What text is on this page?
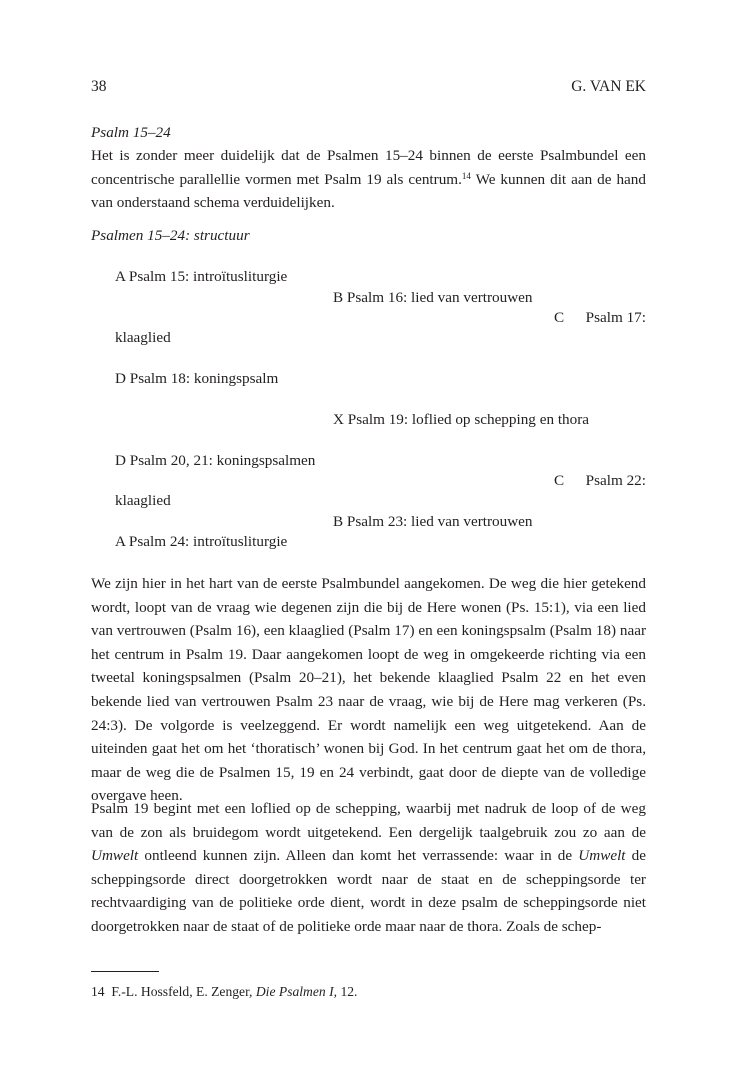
38	G. VAN EK
Psalm 15–24

Het is zonder meer duidelijk dat de Psalmen 15–24 binnen de eerste Psalmbundel een concentrische parallellie vormen met Psalm 19 als centrum.$^{14}$ We kunnen dit aan de hand van onderstaand schema verduidelijken.

Psalmen 15–24: structuur
A Psalm 15: introïtusliturgie
B Psalm 16: lied van vertrouwen
C Psalm 17:
klaaglied
D Psalm 18: koningspsalm
X Psalm 19: loflied op schepping en thora
D Psalm 20, 21: koningspsalmen
C Psalm 22:
klaaglied
B Psalm 23: lied van vertrouwen
A Psalm 24: introïtusliturgie

We zijn hier in het hart van de eerste Psalmbundel aangekomen. De weg die hier getekend wordt, loopt van de vraag wie degenen zijn die bij de Here wonen (Ps. 15:1), via een lied van vertrouwen (Psalm 16), een klaaglied (Psalm 17) en een koningspsalm (Psalm 18) naar het centrum in Psalm 19. Daar aangekomen loopt de weg in omgekeerde richting via een tweetal koningspsalmen (Psalm 20–21), het bekende klaaglied Psalm 22 en het even bekende lied van vertrouwen Psalm 23 naar de vraag, wie bij de Here mag verkeren (Ps. 24:3). De volgorde is veelzeggend. Er wordt namelijk een weg uitgetekend. Aan de uiteinden gaat het om het ‘thoratisch’ wonen bij God. In het centrum gaat het om de thora, maar de weg die de Psalmen 15, 19 en 24 verbindt, gaat door de diepte van de volledige overgave heen.

Psalm 19 begint met een loflied op de schepping, waarbij met nadruk de loop of de weg van de zon als bruidegom wordt uitgetekend. Een dergelijk taalgebruik zou zo aan de Umwelt ontleend kunnen zijn. Alleen dan komt het verrassende: waar in de Umwelt de scheppingsorde direct doorgetrokken wordt naar de staat en de scheppingsorde ter rechtvaardiging van de politieke orde dient, wordt in deze psalm de scheppingsorde niet doorgetrokken naar de staat of de politieke orde maar naar de thora. Zoals de schep-

14 F.-L. Hossfeld, E. Zenger, Die Psalmen I, 12.
